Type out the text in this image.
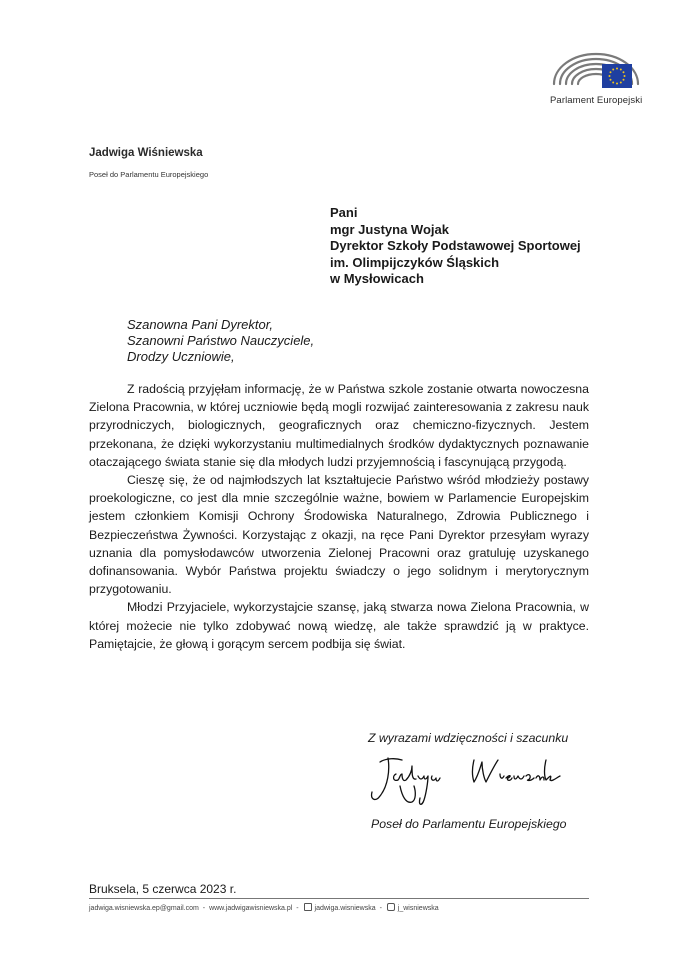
Parlament Europejski
Jadwiga Wiśniewska
Poseł do Parlamentu Europejskiego
Pani
mgr Justyna Wojak
Dyrektor Szkoły Podstawowej Sportowej
im. Olimpijczyków Śląskich
w Mysłowicach
Szanowna Pani Dyrektor,
Szanowni Państwo Nauczyciele,
Drodzy Uczniowie,

Z radością przyjęłam informację, że w Państwa szkole zostanie otwarta nowoczesna Zielona Pracownia, w której uczniowie będą mogli rozwijać zainteresowania z zakresu nauk przyrodniczych, biologicznych, geograficznych oraz chemiczno-fizycznych. Jestem przekonana, że dzięki wykorzystaniu multimedialnych środków dydaktycznych poznawanie otaczającego świata stanie się dla młodych ludzi przyjemnością i fascynującą przygodą.

Cieszę się, że od najmłodszych lat kształtujecie Państwo wśród młodzieży postawy proekologiczne, co jest dla mnie szczególnie ważne, bowiem w Parlamencie Europejskim jestem członkiem Komisji Ochrony Środowiska Naturalnego, Zdrowia Publicznego i Bezpieczeństwa Żywności. Korzystając z okazji, na ręce Pani Dyrektor przesyłam wyrazy uznania dla pomysłodawców utworzenia Zielonej Pracowni oraz gratuluję uzyskanego dofinansowania. Wybór Państwa projektu świadczy o jego solidnym i merytorycznym przygotowaniu.

Młodzi Przyjaciele, wykorzystajcie szansę, jaką stwarza nowa Zielona Pracownia, w której możecie nie tylko zdobywać nową wiedzę, ale także sprawdzić ją w praktyce. Pamiętajcie, że głową i gorącym sercem podbija się świat.

Z wyrazami wdzięczności i szacunku
Poseł do Parlamentu Europejskiego
Bruksela, 5 czerwca 2023 r.
jadwiga.wisniewska.ep@gmail.com - www.jadwigawisniewska.pl -  jadwiga.wisniewska -  j_wisniewska
